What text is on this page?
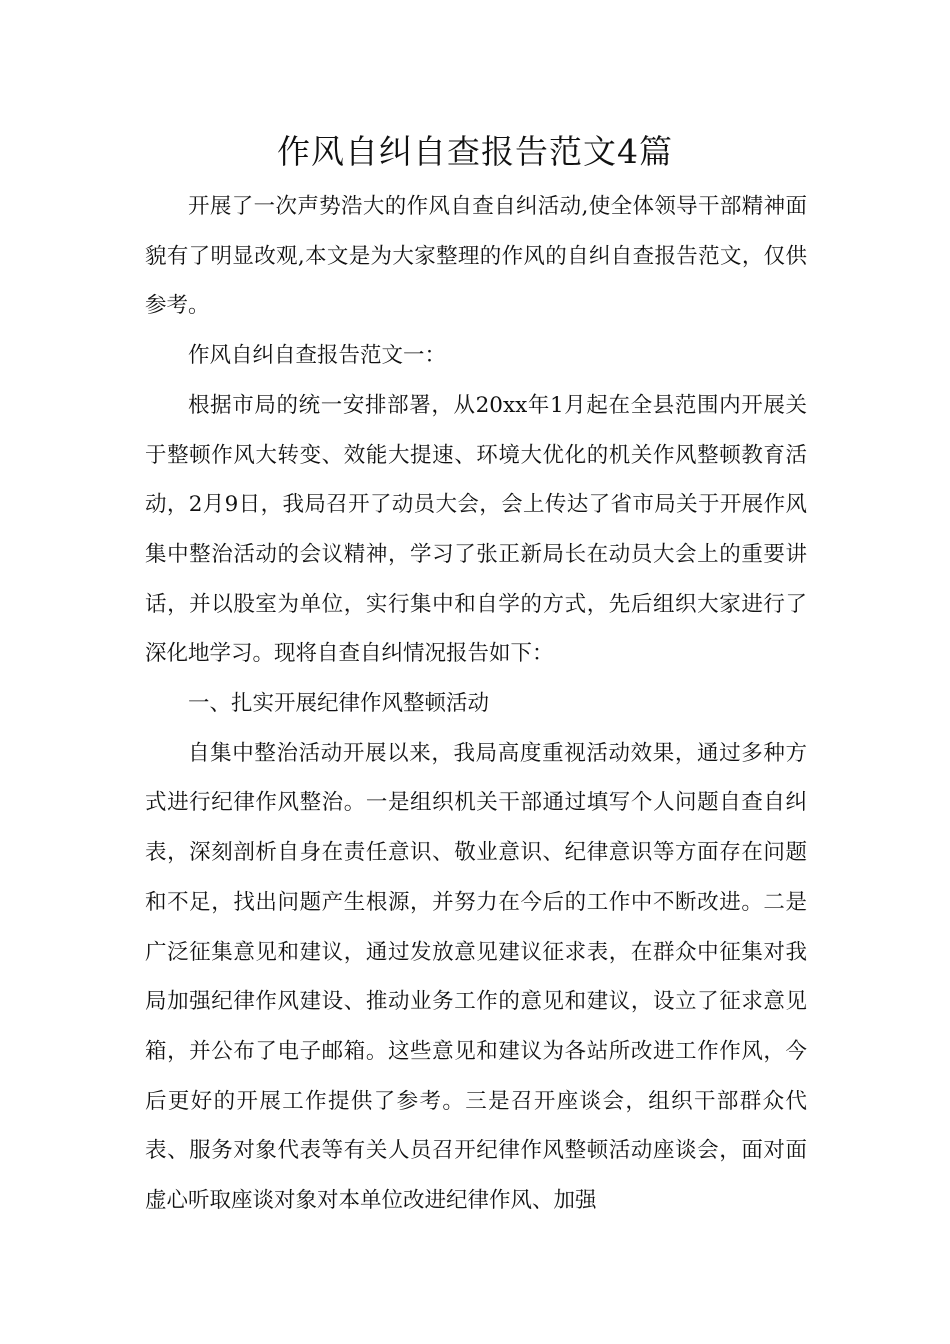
作风自纠自查报告范文4篇

开展了一次声势浩大的作风自查自纠活动,使全体领导干部精神面貌有了明显改观,本文是为大家整理的作风的自纠自查报告范文，仅供参考。

作风自纠自查报告范文一：

根据市局的统一安排部署，从20xx年1月起在全县范围内开展关于整顿作风大转变、效能大提速、环境大优化的机关作风整顿教育活动，2月9日，我局召开了动员大会，会上传达了省市局关于开展作风集中整治活动的会议精神，学习了张正新局长在动员大会上的重要讲话，并以股室为单位，实行集中和自学的方式，先后组织大家进行了深化地学习。现将自查自纠情况报告如下：

一、扎实开展纪律作风整顿活动

自集中整治活动开展以来，我局高度重视活动效果，通过多种方式进行纪律作风整治。一是组织机关干部通过填写个人问题自查自纠表，深刻剖析自身在责任意识、敬业意识、纪律意识等方面存在问题和不足，找出问题产生根源，并努力在今后的工作中不断改进。二是广泛征集意见和建议，通过发放意见建议征求表，在群众中征集对我局加强纪律作风建设、推动业务工作的意见和建议，设立了征求意见箱，并公布了电子邮箱。这些意见和建议为各站所改进工作作风，今后更好的开展工作提供了参考。三是召开座谈会，组织干部群众代表、服务对象代表等有关人员召开纪律作风整顿活动座谈会，面对面虚心听取座谈对象对本单位改进纪律作风、加强
